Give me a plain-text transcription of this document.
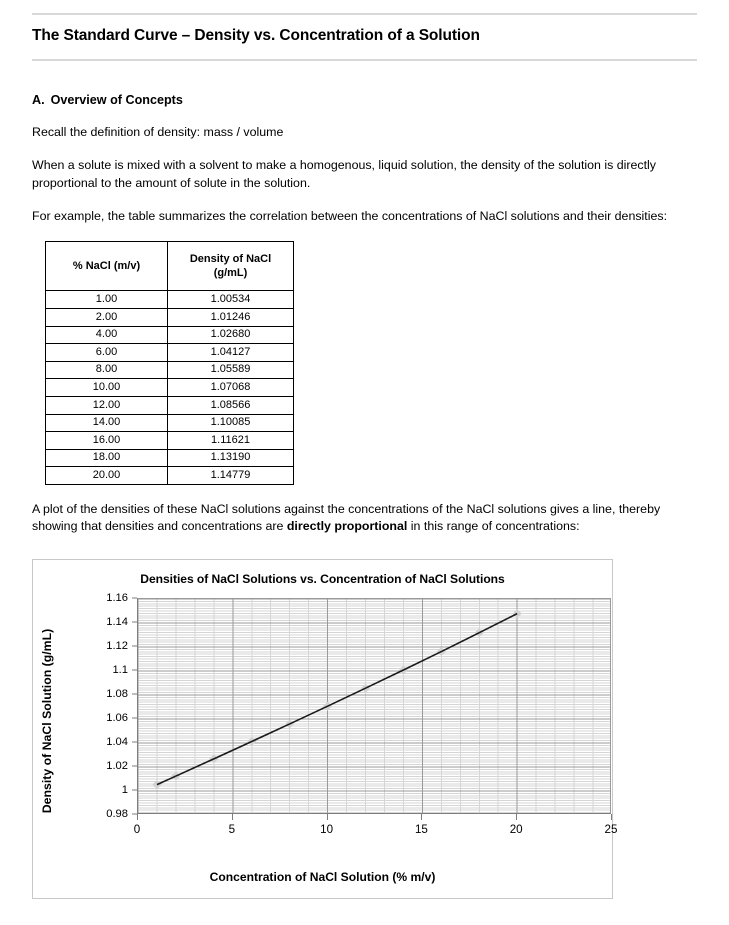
The Standard Curve – Density vs. Concentration of a Solution
A. Overview of Concepts

Recall the definition of density: mass / volume

When a solute is mixed with a solvent to make a homogenous, liquid solution, the density of the solution is directly proportional to the amount of solute in the solution.

For example, the table summarizes the correlation between the concentrations of NaCl solutions and their densities:

% NaCl (m/v)	Density of NaCl
(g/mL)
1.00	1.00534
2.00	1.01246
4.00	1.02680
6.00	1.04127
8.00	1.05589
10.00	1.07068
12.00	1.08566
14.00	1.10085
16.00	1.11621
18.00	1.13190
20.00	1.14779

A plot of the densities of these NaCl solutions against the concentrations of the NaCl solutions gives a line, thereby showing that densities and concentrations are directly proportional in this range of concentrations:

Densities of NaCl Solutions vs. Concentration of NaCl Solutions
Density of NaCl Solution (g/mL)
0.98
1
1.02
1.04
1.06
1.08
1.1
1.12
1.14
1.16
0	5	10	15	20	25
Concentration of NaCl Solution (% m/v)
